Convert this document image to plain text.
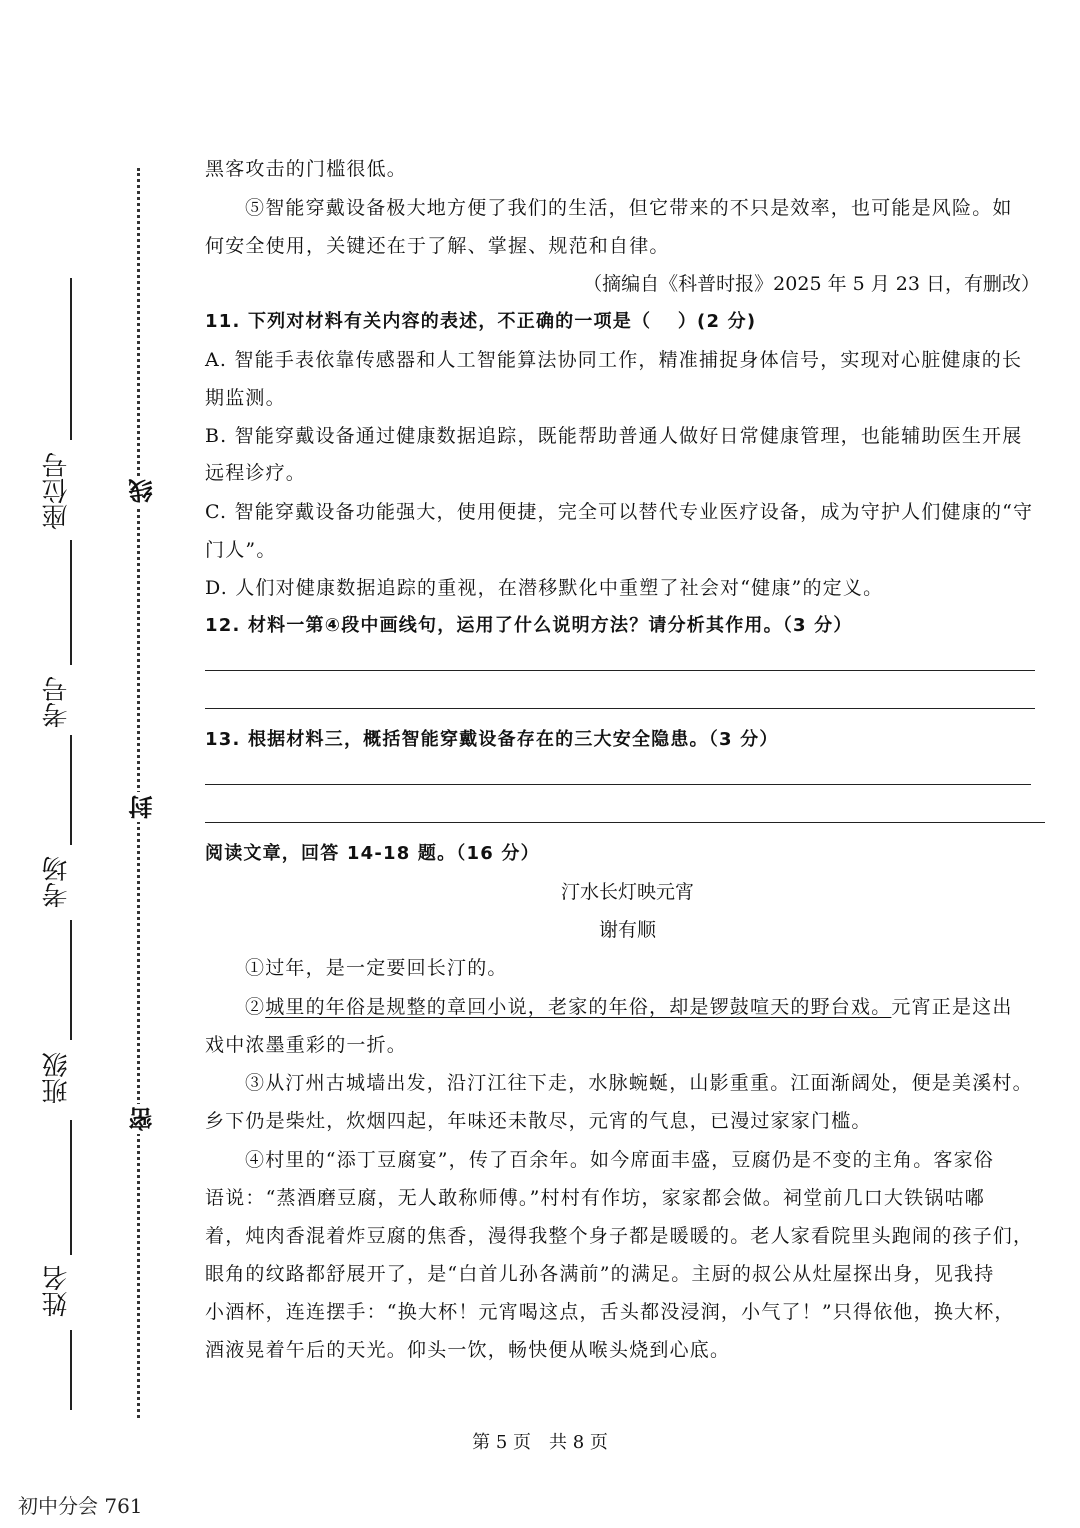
座位号
考号
考场
班级
姓名
线
封
密
黑客攻击的门槛很低。
⑤智能穿戴设备极大地方便了我们的生活，但它带来的不只是效率，也可能是风险。如
何安全使用，关键还在于了解、掌握、规范和自律。
（摘编自《科普时报》2025 年 5 月 23 日，有删改）
11. 下列对材料有关内容的表述，不正确的一项是（　 ）(2 分)
A. 智能手表依靠传感器和人工智能算法协同工作，精准捕捉身体信号，实现对心脏健康的长
期监测。
B. 智能穿戴设备通过健康数据追踪，既能帮助普通人做好日常健康管理，也能辅助医生开展
远程诊疗。
C. 智能穿戴设备功能强大，使用便捷，完全可以替代专业医疗设备，成为守护人们健康的“守
门人”。
D. 人们对健康数据追踪的重视，在潜移默化中重塑了社会对“健康”的定义。
12. 材料一第④段中画线句，运用了什么说明方法？请分析其作用。（3 分）
13. 根据材料三，概括智能穿戴设备存在的三大安全隐患。（3 分）
阅读文章，回答 14-18 题。（16 分）
汀水长灯映元宵
谢有顺
①过年，是一定要回长汀的。
②城里的年俗是规整的章回小说，老家的年俗，却是锣鼓喧天的野台戏。元宵正是这出
戏中浓墨重彩的一折。
③从汀州古城墙出发，沿汀江往下走，水脉蜿蜒，山影重重。江面渐阔处，便是美溪村。
乡下仍是柴灶，炊烟四起，年味还未散尽，元宵的气息，已漫过家家门槛。
④村里的“添丁豆腐宴”，传了百余年。如今席面丰盛，豆腐仍是不变的主角。客家俗
语说：“蒸酒磨豆腐，无人敢称师傅。”村村有作坊，家家都会做。祠堂前几口大铁锅咕嘟
着，炖肉香混着炸豆腐的焦香，漫得我整个身子都是暖暖的。老人家看院里头跑闹的孩子们，
眼角的纹路都舒展开了，是“白首儿孙各满前”的满足。主厨的叔公从灶屋探出身，见我持
小酒杯，连连摆手：“换大杯！元宵喝这点，舌头都没浸润，小气了！”只得依他，换大杯，
酒液晃着午后的天光。仰头一饮，畅快便从喉头烧到心底。
第 5 页　共 8 页
初中分会 761
